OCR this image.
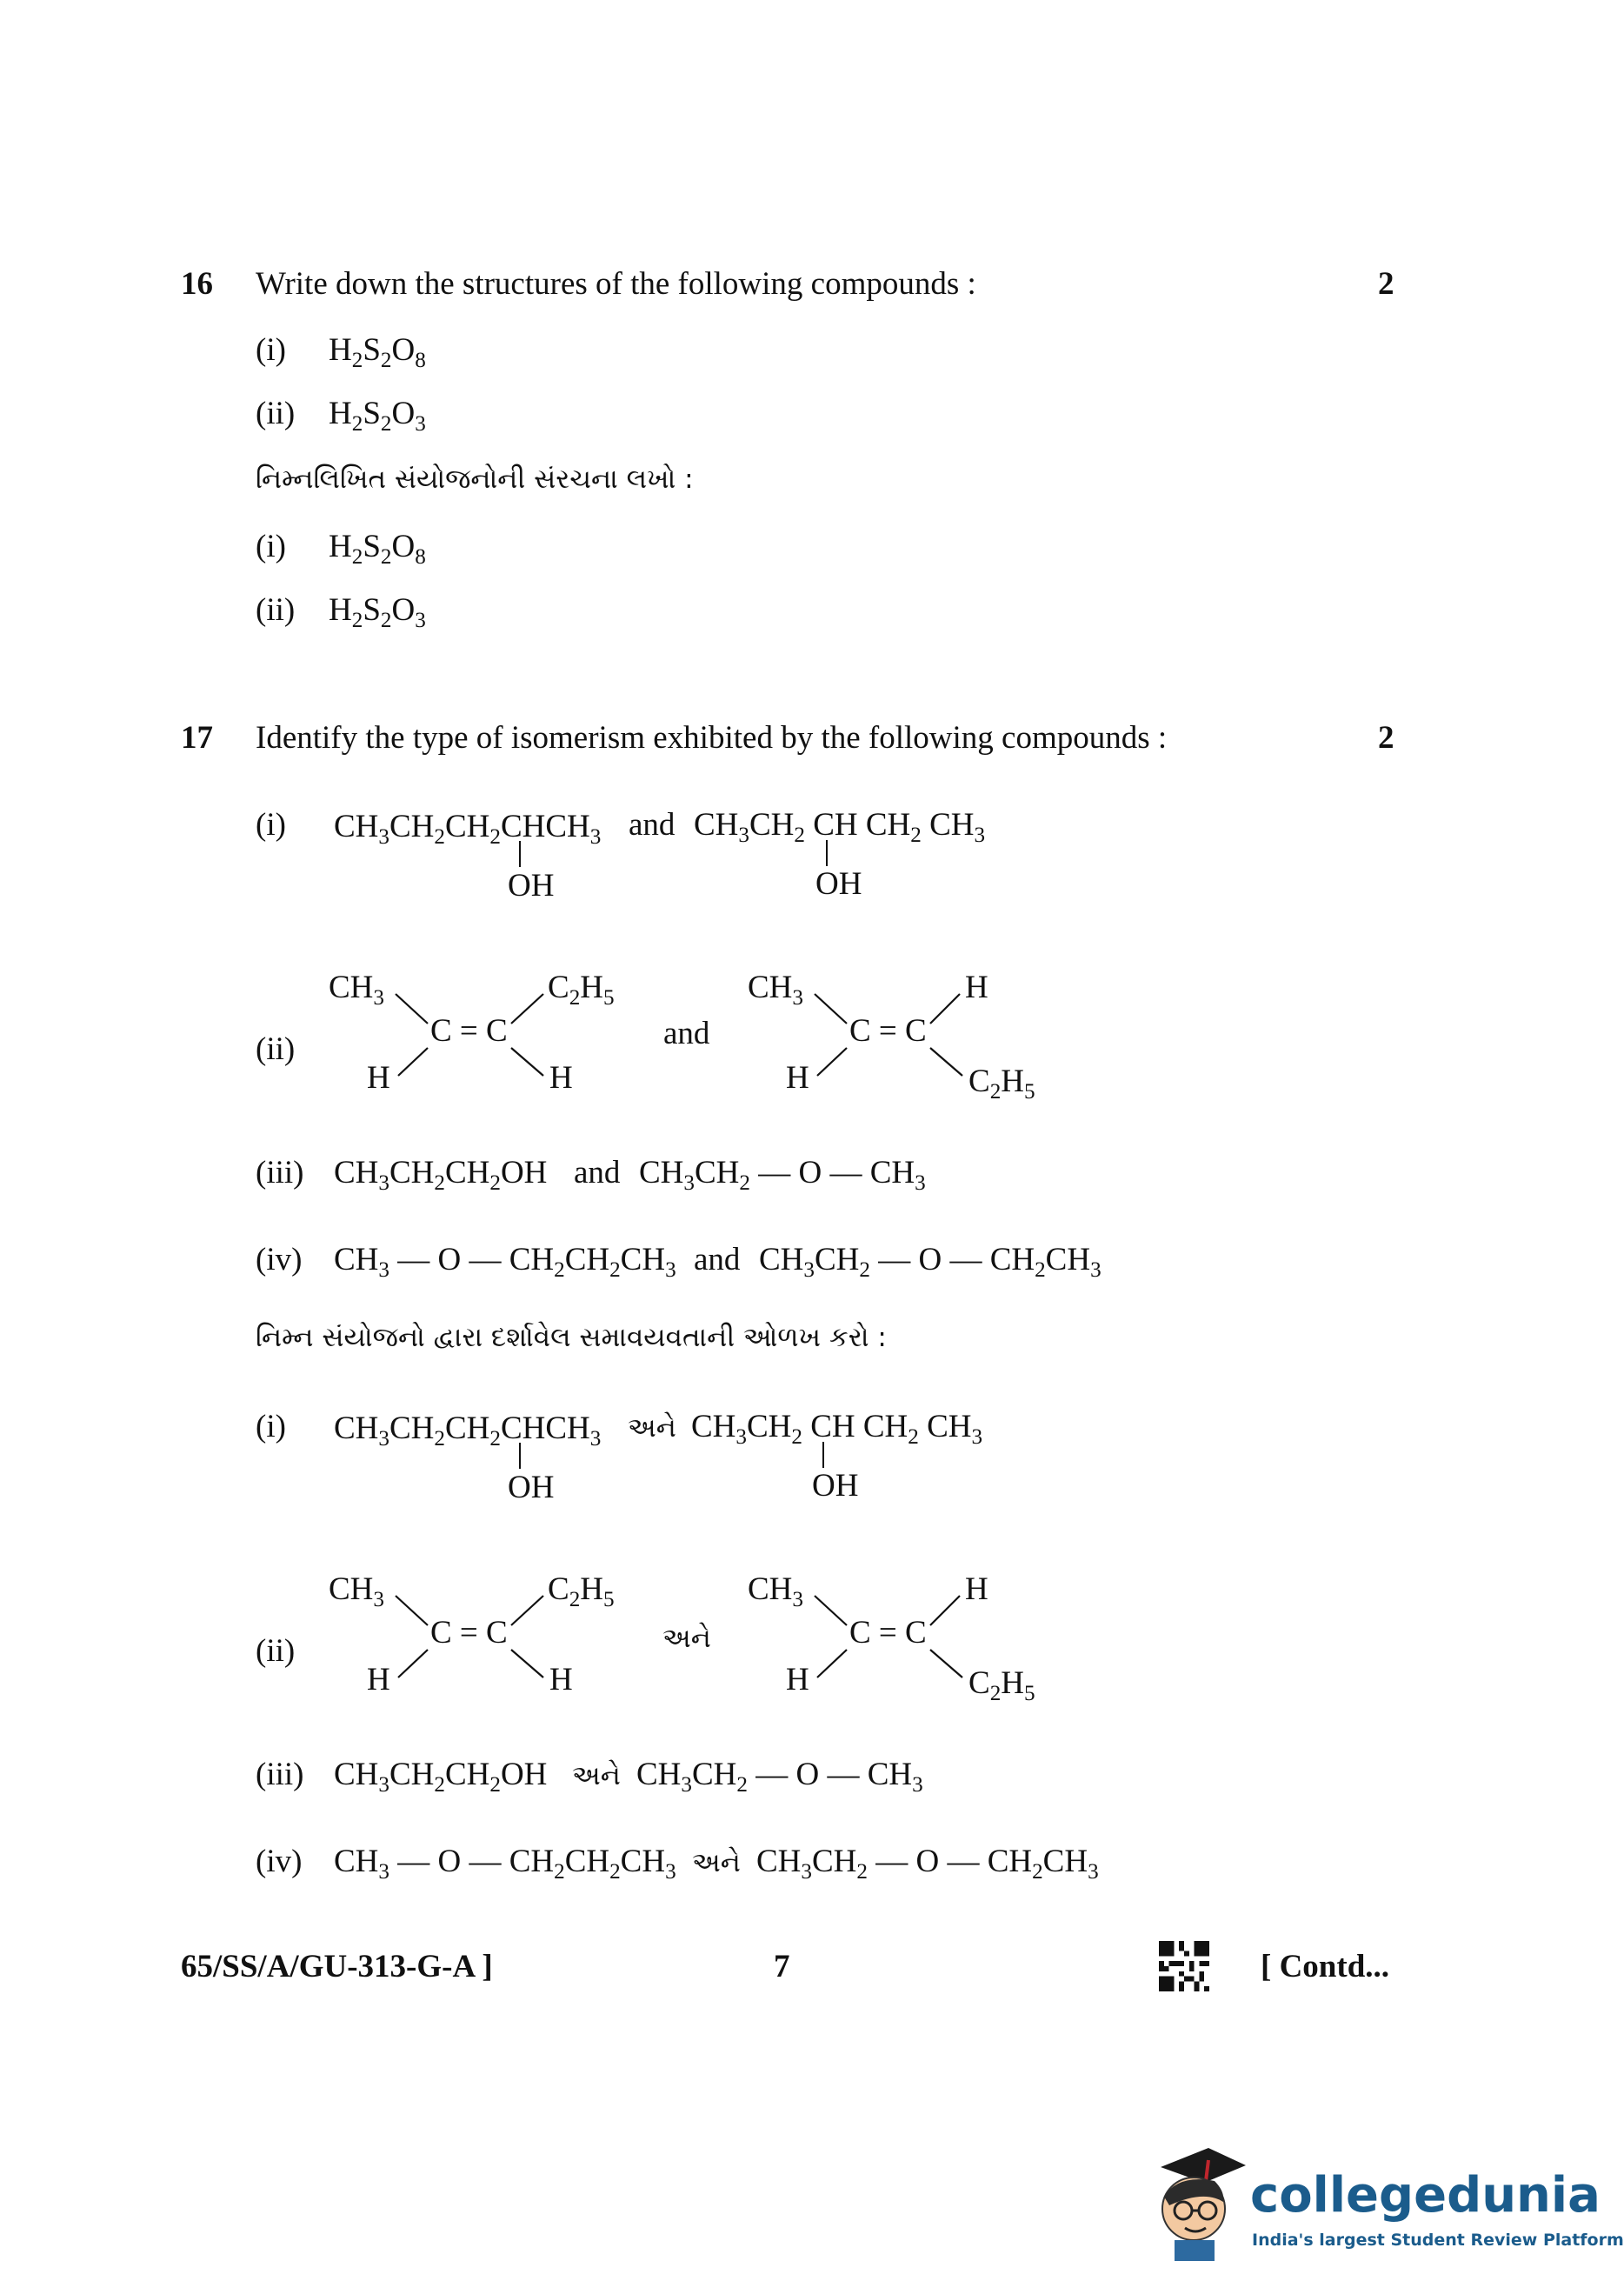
16 Write down the structures of the following compounds :	2
(i) $H_2S_2O_8$
(ii) $H_2S_2O_3$
નિમ્નલિખિત સંયોજનોની સંરચના લખો :
(i) $H_2S_2O_8$
(ii) $H_2S_2O_3$
17 Identify the type of isomerism exhibited by the following compounds :	2
(i) $CH_3CH_2CH_2CHCH_3$
OH
and $CH_3CH_2$ CH $CH_2$ $CH_3$
OH
(ii)
$CH_3$	$C_2H_5$
C = C
H	H
and
$CH_3$	H
C = C
H	$C_2H_5$
(iii) $CH_3CH_2CH_2OH$ and $CH_3CH_2$ — O — $CH_3$
(iv) $CH_3$ — O — $CH_2CH_2CH_3$ and $CH_3CH_2$ — O — $CH_2CH_3$
નિમ્ન સંયોજનો દ્વારા દર્શાવેલ સમાવયવતાની ઓળખ કરો :
(i) $CH_3CH_2CH_2CHCH_3$
OH
અને $CH_3CH_2$ CH $CH_2$ $CH_3$
OH
(ii)
$CH_3$	$C_2H_5$
C = C
H	H
અને
$CH_3$	H
C = C
H	$C_2H_5$
(iii) $CH_3CH_2CH_2OH$ અને $CH_3CH_2$ — O — $CH_3$
(iv) $CH_3$ — O — $CH_2CH_2CH_3$ અને $CH_3CH_2$ — O — $CH_2CH_3$
65/SS/A/GU-313-G-A ]	7	[ Contd...
collegedunia
India's largest Student Review Platform
